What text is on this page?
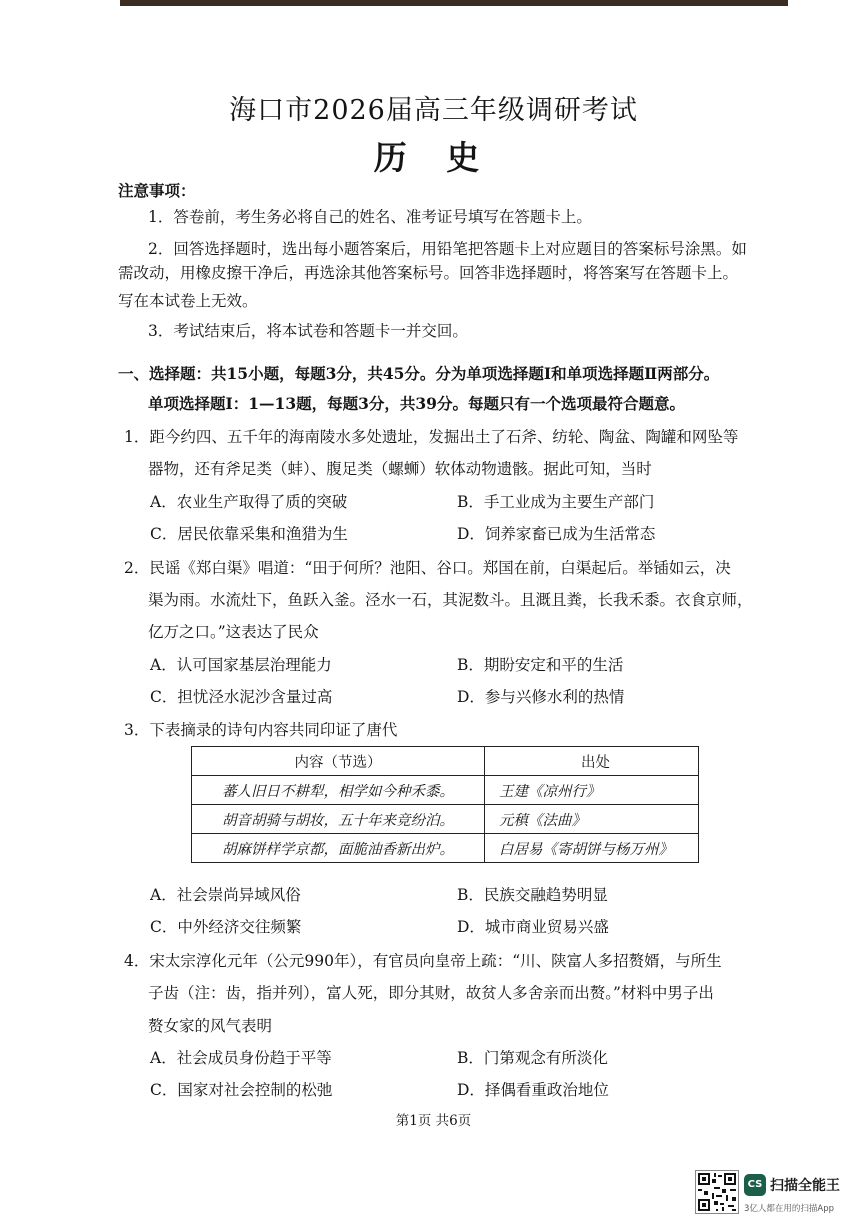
海口市2026届高三年级调研考试
历 史
注意事项：
1．答卷前，考生务必将自己的姓名、准考证号填写在答题卡上。
2．回答选择题时，选出每小题答案后，用铅笔把答题卡上对应题目的答案标号涂黑。如
需改动，用橡皮擦干净后，再选涂其他答案标号。回答非选择题时，将答案写在答题卡上。
写在本试卷上无效。
3．考试结束后，将本试卷和答题卡一并交回。
一、选择题：共15小题，每题3分，共45分。分为单项选择题Ⅰ和单项选择题Ⅱ两部分。
单项选择题Ⅰ：1—13题，每题3分，共39分。每题只有一个选项最符合题意。
1．距今约四、五千年的海南陵水多处遗址，发掘出土了石斧、纺轮、陶盆、陶罐和网坠等
器物，还有斧足类（蚌）、腹足类（螺蛳）软体动物遗骸。据此可知，当时
A．农业生产取得了质的突破	B．手工业成为主要生产部门
C．居民依靠采集和渔猎为生	D．饲养家畜已成为生活常态
2．民谣《郑白渠》唱道：“田于何所？池阳、谷口。郑国在前，白渠起后。举锸如云，决
渠为雨。水流灶下，鱼跃入釜。泾水一石，其泥数斗。且溉且粪，长我禾黍。衣食京师，
亿万之口。”这表达了民众
A．认可国家基层治理能力	B．期盼安定和平的生活
C．担忧泾水泥沙含量过高	D．参与兴修水利的热情
3．下表摘录的诗句内容共同印证了唐代
内容（节选）	出处
蕃人旧日不耕犁，相学如今种禾黍。	王建《凉州行》
胡音胡骑与胡妆，五十年来竞纷泊。	元稹《法曲》
胡麻饼样学京都，面脆油香新出炉。	白居易《寄胡饼与杨万州》
A．社会崇尚异域风俗	B．民族交融趋势明显
C．中外经济交往频繁	D．城市商业贸易兴盛
4．宋太宗淳化元年（公元990年），有官员向皇帝上疏：“川、陕富人多招赘婿，与所生
子齿（注：齿，指并列），富人死，即分其财，故贫人多舍亲而出赘。”材料中男子出
赘女家的风气表明
A．社会成员身份趋于平等	B．门第观念有所淡化
C．国家对社会控制的松弛	D．择偶看重政治地位
第1页 共6页
CS 扫描全能王
3亿人都在用的扫描App
